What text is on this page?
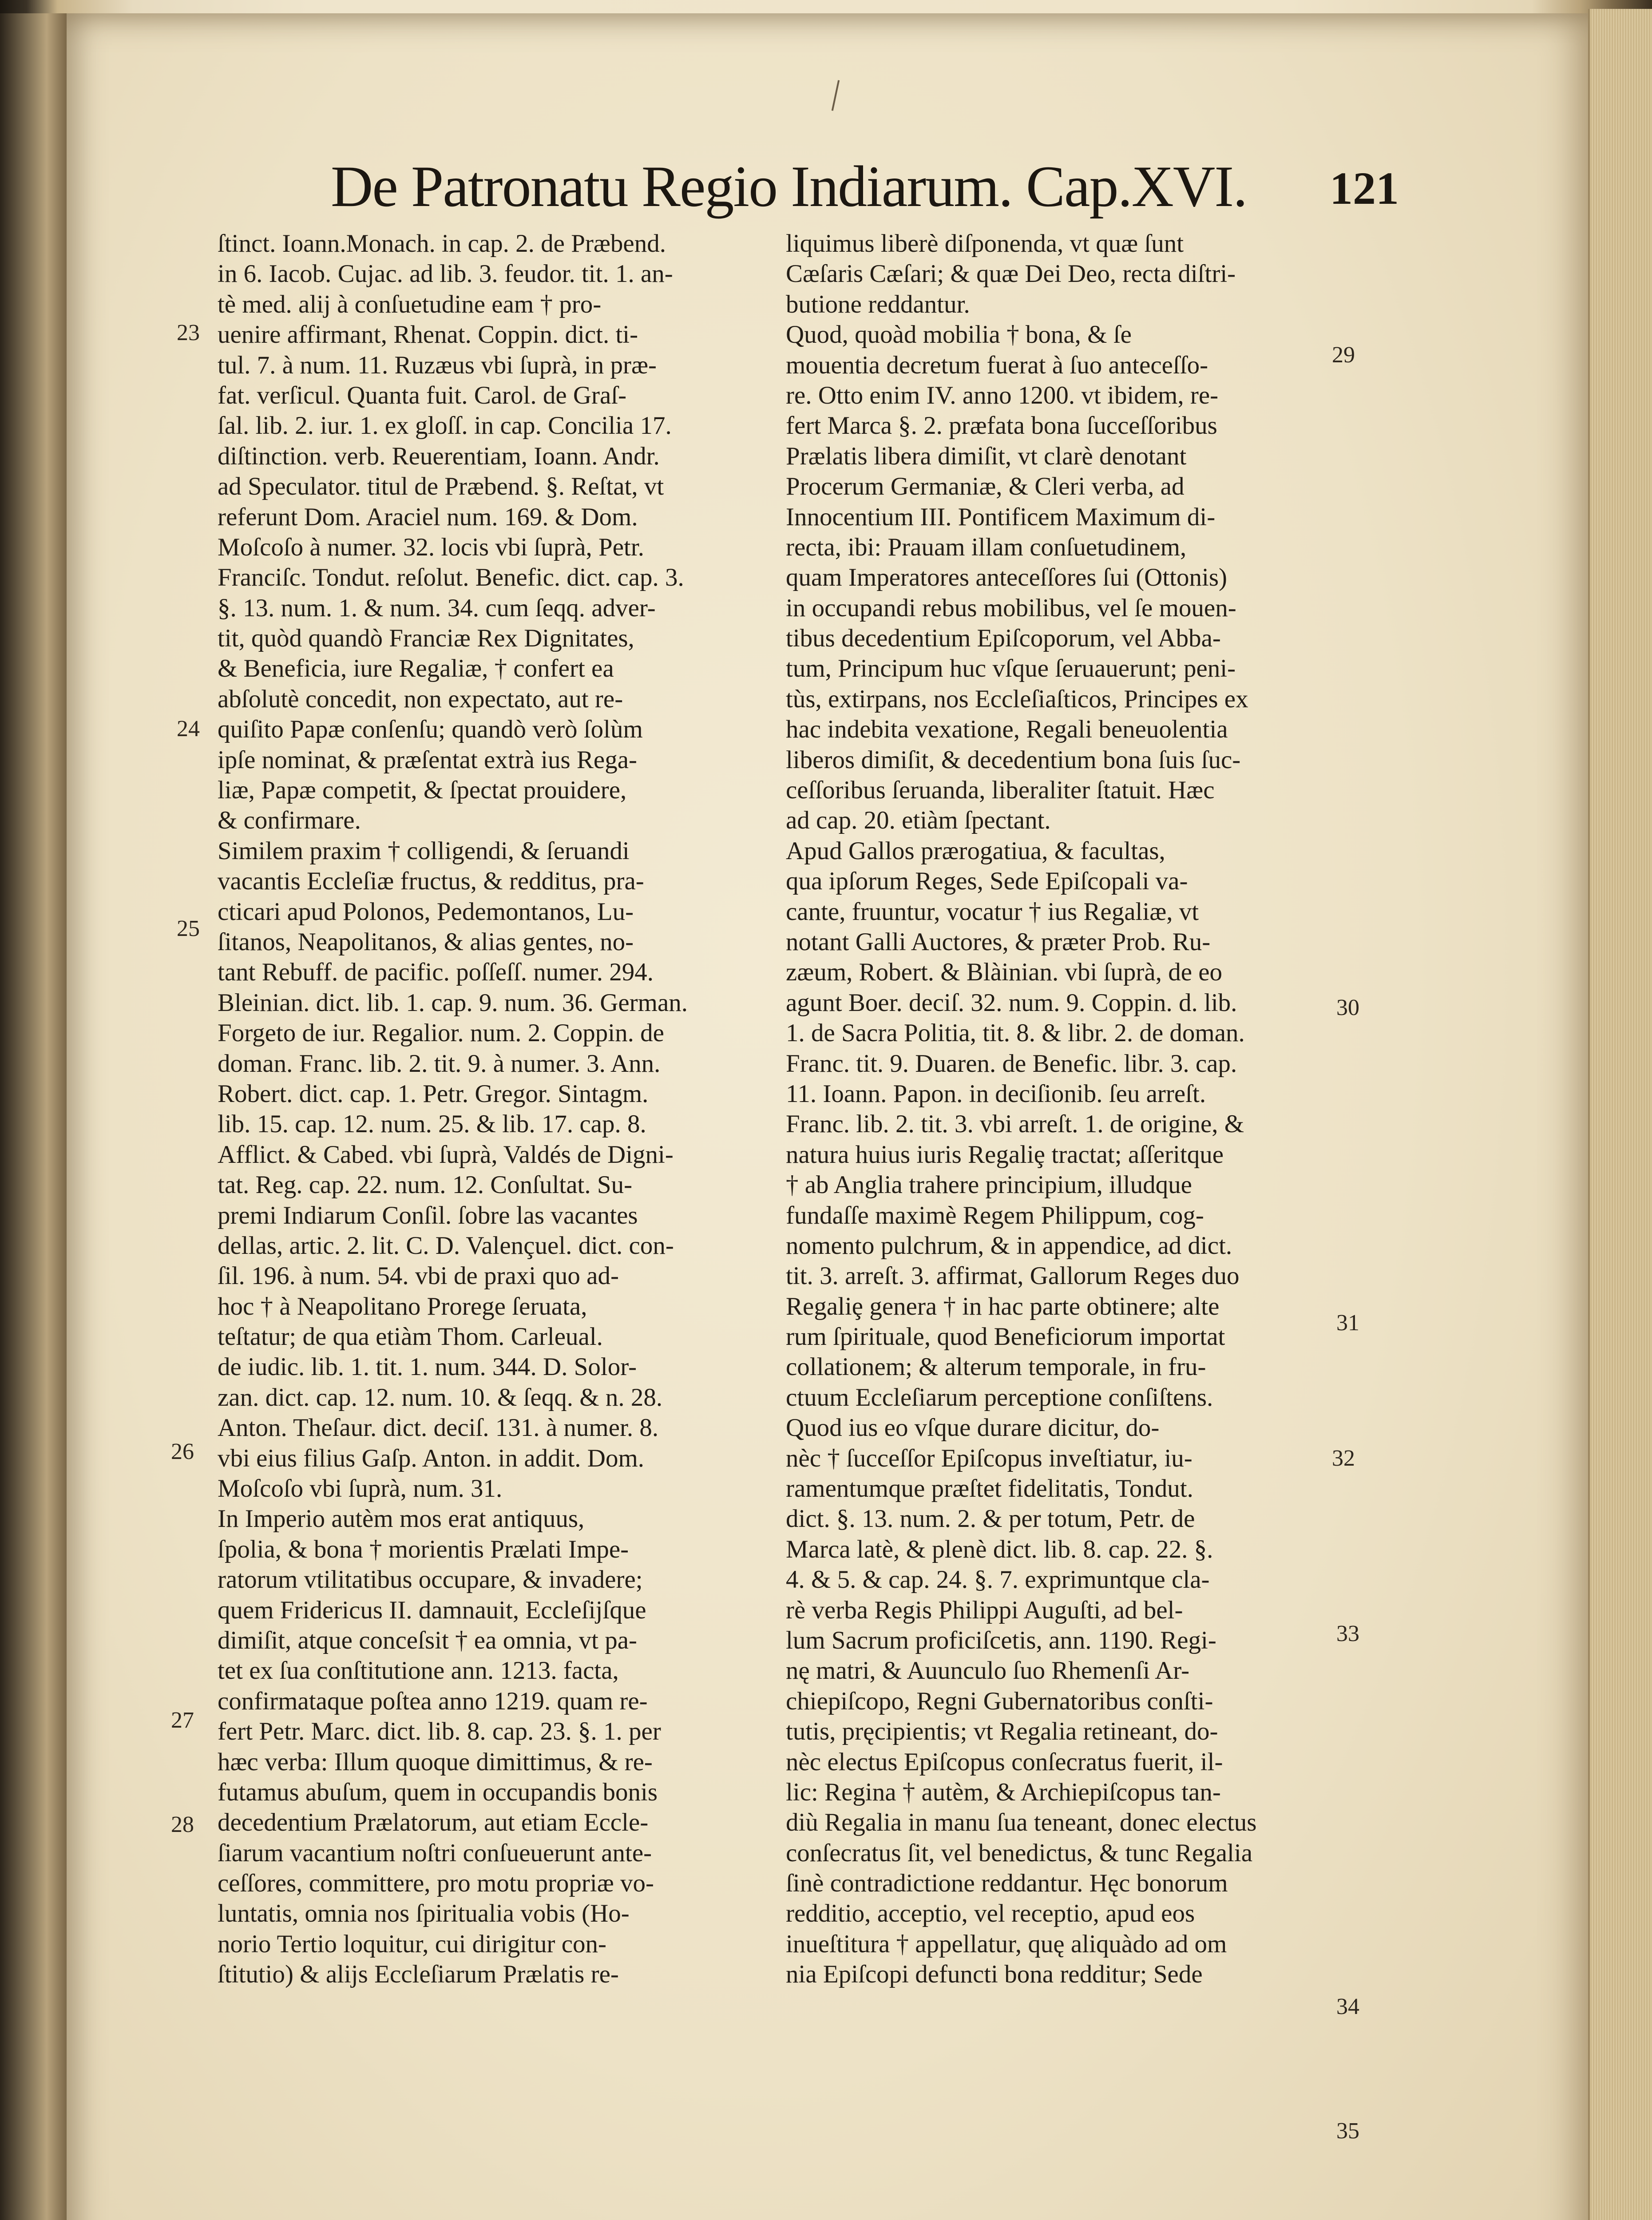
De Patronatu Regio Indiarum. Cap.XVI.	121
ſtinct. Ioann.Monach. in cap. 2. de Præbend.
in 6. Iacob. Cujac. ad lib. 3. feudor. tit. 1. an-
tè med. alij à conſuetudine eam † pro-
uenire affirmant, Rhenat. Coppin. dict. ti-
tul. 7. à num. 11. Ruzæus vbi ſuprà, in præ-
fat. verſicul. Quanta fuit. Carol. de Graſ-
ſal. lib. 2. iur. 1. ex gloſſ. in cap. Concilia 17.
diſtinction. verb. Reuerentiam, Ioann. Andr.
ad Speculator. titul de Præbend. §. Reſtat, vt
referunt Dom. Araciel num. 169. & Dom.
Moſcoſo à numer. 32. locis vbi ſuprà, Petr.
Franciſc. Tondut. reſolut. Benefic. dict. cap. 3.
§. 13. num. 1. & num. 34. cum ſeqq. adver-
tit, quòd quandò Franciæ Rex Dignitates,
& Beneficia, iure Regaliæ, † confert ea
abſolutè concedit, non expectato, aut re-
quiſito Papæ conſenſu; quandò verò ſolùm
ipſe nominat, & præſentat extrà ius Rega-
liæ, Papæ competit, & ſpectat prouidere,
& confirmare.
Similem praxim † colligendi, & ſeruandi
vacantis Eccleſiæ fructus, & redditus, pra-
cticari apud Polonos, Pedemontanos, Lu-
ſitanos, Neapolitanos, & alias gentes, no-
tant Rebuff. de pacific. poſſeſſ. numer. 294.
Bleinian. dict. lib. 1. cap. 9. num. 36. German.
Forgeto de iur. Regalior. num. 2. Coppin. de
doman. Franc. lib. 2. tit. 9. à numer. 3. Ann.
Robert. dict. cap. 1. Petr. Gregor. Sintagm.
lib. 15. cap. 12. num. 25. & lib. 17. cap. 8.
Afflict. & Cabed. vbi ſuprà, Valdés de Digni-
tat. Reg. cap. 22. num. 12. Conſultat. Su-
premi Indiarum Conſil. ſobre las vacantes
dellas, artic. 2. lit. C. D. Valençuel. dict. con-
ſil. 196. à num. 54. vbi de praxi quo ad-
hoc † à Neapolitano Prorege ſeruata,
teſtatur; de qua etiàm Thom. Carleual.
de iudic. lib. 1. tit. 1. num. 344. D. Solor-
zan. dict. cap. 12. num. 10. & ſeqq. & n. 28.
Anton. Theſaur. dict. deciſ. 131. à numer. 8.
vbi eius filius Gaſp. Anton. in addit. Dom.
Moſcoſo vbi ſuprà, num. 31.
In Imperio autèm mos erat antiquus,
ſpolia, & bona † morientis Prælati Impe-
ratorum vtilitatibus occupare, & invadere;
quem Fridericus II. damnauit, Eccleſijſque
dimiſit, atque conceſsit † ea omnia, vt pa-
tet ex ſua conſtitutione ann. 1213. facta,
confirmataque poſtea anno 1219. quam re-
fert Petr. Marc. dict. lib. 8. cap. 23. §. 1. per
hæc verba: Illum quoque dimittimus, & re-
futamus abuſum, quem in occupandis bonis
decedentium Prælatorum, aut etiam Eccle-
ſiarum vacantium noſtri conſueuerunt ante-
ceſſores, committere, pro motu propriæ vo-
luntatis, omnia nos ſpiritualia vobis (Ho-
norio Tertio loquitur, cui dirigitur con-
ſtitutio) & alijs Eccleſiarum Prælatis re-
liquimus liberè diſponenda, vt quæ ſunt
Cæſaris Cæſari; & quæ Dei Deo, recta diſtri-
butione reddantur.
Quod, quoàd mobilia † bona, & ſe
mouentia decretum fuerat à ſuo anteceſſo-
re. Otto enim IV. anno 1200. vt ibidem, re-
fert Marca §. 2. præfata bona ſucceſſoribus
Prælatis libera dimiſit, vt clarè denotant
Procerum Germaniæ, & Cleri verba, ad
Innocentium III. Pontificem Maximum di-
recta, ibi: Prauam illam conſuetudinem,
quam Imperatores anteceſſores ſui (Ottonis)
in occupandi rebus mobilibus, vel ſe mouen-
tibus decedentium Epiſcoporum, vel Abba-
tum, Principum huc vſque ſeruauerunt; peni-
tùs, extirpans, nos Eccleſiaſticos, Principes ex
hac indebita vexatione, Regali beneuolentia
liberos dimiſit, & decedentium bona ſuis ſuc-
ceſſoribus ſeruanda, liberaliter ſtatuit. Hæc
ad cap. 20. etiàm ſpectant.
Apud Gallos prærogatiua, & facultas,
qua ipſorum Reges, Sede Epiſcopali va-
cante, fruuntur, vocatur † ius Regaliæ, vt
notant Galli Auctores, & præter Prob. Ru-
zæum, Robert. & Blàinian. vbi ſuprà, de eo
agunt Boer. deciſ. 32. num. 9. Coppin. d. lib.
1. de Sacra Politia, tit. 8. & libr. 2. de doman.
Franc. tit. 9. Duaren. de Benefic. libr. 3. cap.
11. Ioann. Papon. in deciſionib. ſeu arreſt.
Franc. lib. 2. tit. 3. vbi arreſt. 1. de origine, &
natura huius iuris Regaliȩ tractat; aſſeritque
† ab Anglia trahere principium, illudque
fundaſſe maximè Regem Philippum, cog-
nomento pulchrum, & in appendice, ad dict.
tit. 3. arreſt. 3. affirmat, Gallorum Reges duo
Regaliȩ genera † in hac parte obtinere; alte
rum ſpirituale, quod Beneficiorum importat
collationem; & alterum temporale, in fru-
ctuum Eccleſiarum perceptione conſiſtens.
Quod ius eo vſque durare dicitur, do-
nèc † ſucceſſor Epiſcopus inveſtiatur, iu-
ramentumque præſtet fidelitatis, Tondut.
dict. §. 13. num. 2. & per totum, Petr. de
Marca latè, & plenè dict. lib. 8. cap. 22. §.
4. & 5. & cap. 24. §. 7. exprimuntque cla-
rè verba Regis Philippi Auguſti, ad bel-
lum Sacrum proficiſcetis, ann. 1190. Regi-
nę matri, & Auunculo ſuo Rhemenſi Ar-
chiepiſcopo, Regni Gubernatoribus conſti-
tutis, pręcipientis; vt Regalia retineant, do-
nèc electus Epiſcopus conſecratus fuerit, il-
lic: Regina † autèm, & Archiepiſcopus tan-
diù Regalia in manu ſua teneant, donec electus
conſecratus ſit, vel benedictus, & tunc Regalia
ſinè contradictione reddantur. Hęc bonorum
redditio, acceptio, vel receptio, apud eos
inueſtitura † appellatur, quę aliquàdo ad om
nia Epiſcopi defuncti bona redditur; Sede
23
24
25
26
27
28
29
30
31
32
33
34
35
